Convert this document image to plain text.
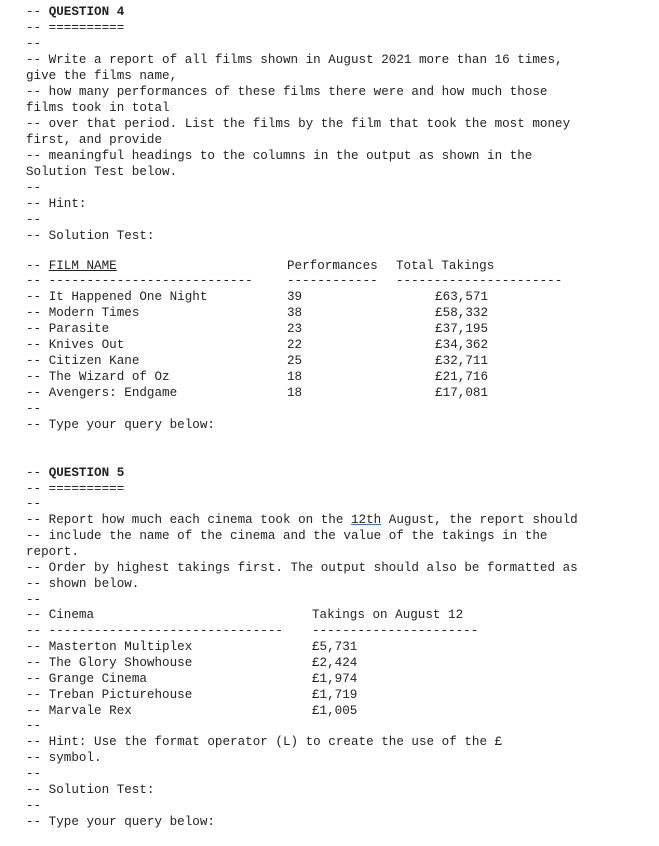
-- QUESTION 4
-- ==========
--
-- Write a report of all films shown in August 2021 more than 16 times,
give the films name,
-- how many performances of these films there were and how much those
films took in total
-- over that period. List the films by the film that took the most money
first, and provide
-- meaningful headings to the columns in the output as shown in the
Solution Test below.
--
-- Hint:
--
-- Solution Test:
-- FILM_NAME	Performances Total Takings
-- ---------------------------	------------ ----------------------
-- It Happened One Night	39	£63,571
-- Modern Times	38	£58,332
-- Parasite	23	£37,195
-- Knives Out	22	£34,362
-- Citizen Kane	25	£32,711
-- The Wizard of Oz	18	£21,716
-- Avengers: Endgame	18	£17,081
--
-- Type your query below:
-- QUESTION 5
-- ==========
--
-- Report how much each cinema took on the 12th August, the report should
-- include the name of the cinema and the value of the takings in the
report.
-- Order by highest takings first. The output should also be formatted as
-- shown below.
--
-- Cinema	Takings on August 12
-- ------------------------------- ----------------------
-- Masterton Multiplex	£5,731
-- The Glory Showhouse	£2,424
-- Grange Cinema	£1,974
-- Treban Picturehouse	£1,719
-- Marvale Rex	£1,005
--
-- Hint: Use the format operator (L) to create the use of the £
-- symbol.
--
-- Solution Test:
--
-- Type your query below:
